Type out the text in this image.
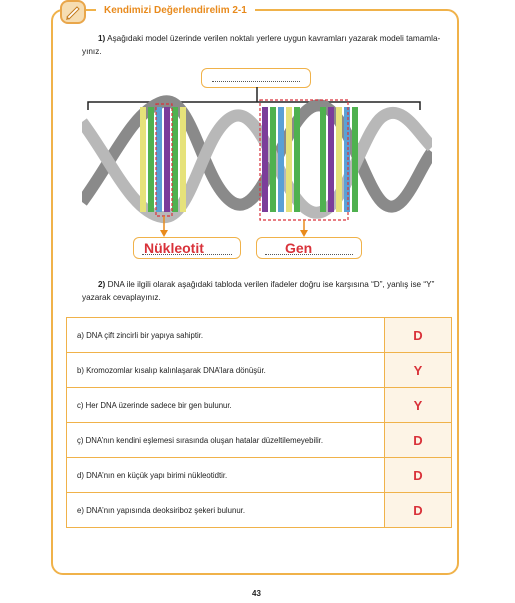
Kendimizi Değerlendirelim 2-1
1) Aşağıdaki model üzerinde verilen noktalı yerlere uygun kavramları yazarak modeli tamamla-
yınız.
Nükleotit	Gen
2) DNA ile ilgili olarak aşağıdaki tabloda verilen ifadeler doğru ise karşısına “D”, yanlış ise “Y”
yazarak cevaplayınız.
a) DNA çift zincirli bir yapıya sahiptir.	D
b) Kromozomlar kısalıp kalınlaşarak DNA’lara dönüşür.	Y
c) Her DNA üzerinde sadece bir gen bulunur.	Y
ç) DNA’nın kendini eşlemesi sırasında oluşan hatalar düzeltilemeyebilir.	D
d) DNA’nın en küçük yapı birimi nükleotidtir.	D
e) DNA’nın yapısında deoksiriboz şekeri bulunur.	D
43
